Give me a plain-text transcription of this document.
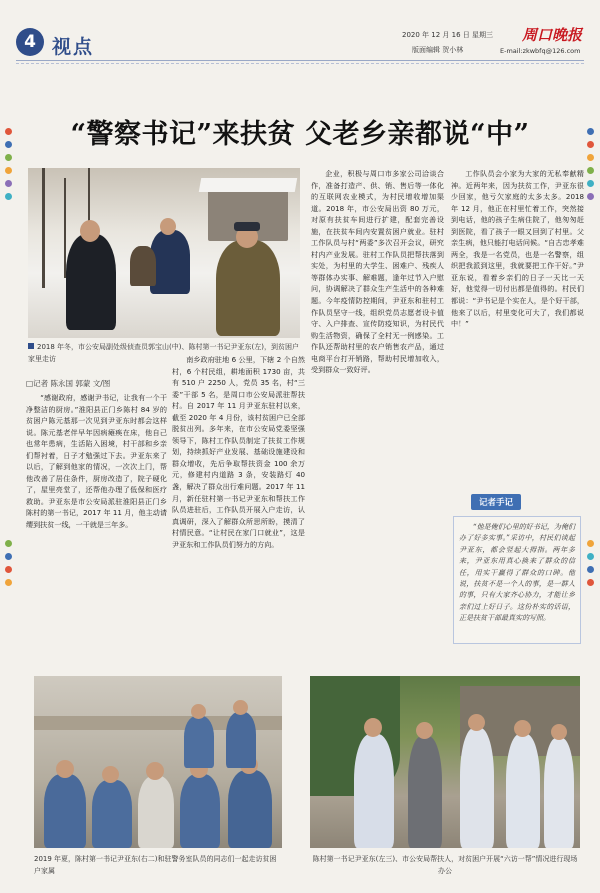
4 视点
2020 年 12 月 16 日 星期三
版面编辑 贺小林
周口晚报
E-mail:zkwbfq@126.com
“警察书记”来扶贫 父老乡亲都说“中”
2018 年冬，市公安局副处级侦查员郭宝山(中)、陈村第一书记尹亚东(左)，到贫困户家里走访
□记者 陈永国 郭蒙 文/图
“感谢政府，感谢尹书记，让我有一个干净整洁的厨房。”淮阳县正门乡陈村 84 岁的贫困户陈元基那一次见到尹亚东时都会这样说。陈元基老伴早年因病瘫痪在床，他自己也常年患病，生活陷入困境，村干部和乡亲们帮衬着，日子才勉强过下去。尹亚东来了以后，了解到他家的情况，一次次上门，帮他改善了居住条件，厨房改造了，院子硬化了，屋里亮堂了，还帮他办理了低保和医疗救助。尹亚东是市公安局派驻淮阳县正门乡陈村的第一书记，2017 年 11 月，他主动请缨到扶贫一线，一干就是三年多。
南乡政府驻地 6 公里，下辖 2 个自然村，6 个村民组，耕地面积 1730 亩，共有 510 户 2250 人，党员 35 名，村“三委”干部 5 名，是周口市公安局派驻帮扶村。自 2017 年 11 月尹亚东驻村以来，截至 2020 年 4 月份，该村贫困户已全部脱贫出列。多年来，在市公安局党委坚强领导下，陈村工作队员制定了扶贫工作规划，持续抓好产业发展、基础设施建设和群众增收，先后争取帮扶资金 100 余万元，修建村内道路 3 条，安装路灯 40 盏，解决了群众出行难问题。2017 年 11 月，新任驻村第一书记尹亚东和帮扶工作队员进驻后，工作队员开展入户走访，认真调研，深入了解群众所思所盼，摸清了村情民意。“让村民在家门口就业”，这是尹亚东和工作队员们努力的方向。
企业，积极与周口市多家公司洽谈合作，准备打造产、供、销、售后等一体化的互联网农业模式，为村民增收增加渠道。2018 年，市公安局出资 80 万元，对原有扶贫车间进行扩建，配套完善设施，在扶贫车间内安置贫困户就业。驻村工作队员与村“两委”多次召开会议，研究村内产业发展。驻村工作队员把帮扶落到实处，为村里的大学生、困难户、残疾人等群体办实事、解难题，逢年过节入户慰问，协调解决了群众生产生活中的各种难题。今年疫情防控期间，尹亚东和驻村工作队员坚守一线，组织党员志愿者设卡值守、入户排查、宣传防疫知识，为村民代购生活物资，确保了全村无一例感染。工作队还帮助村里的农户销售农产品，通过电商平台打开销路，帮助村民增加收入，受到群众一致好评。
工作队员会小家为大家的无私奉献精神。近两年来，因为扶贫工作，尹亚东很少回家，他亏欠家庭的太多太多。2018 年 12 月，他正在村里忙着工作，突然接到电话，他的孩子生病住院了，他匆匆赶到医院，看了孩子一眼又回到了村里。父亲生病，他只能打电话问候。“自古忠孝难两全，我是一名党员，也是一名警察，组织把我派到这里，我就要把工作干好。”尹亚东说，看着乡亲们的日子一天比一天好，他觉得一切付出都是值得的。村民们都说：“尹书记是个实在人，是个好干部，他来了以后，村里变化可大了，我们都说中！”
记者手记
“他是俺们心里的好书记，为俺们办了好多实事。”采访中，村民们谈起尹亚东，都会竖起大拇指。两年多来，尹亚东用真心换来了群众的信任，用实干赢得了群众的口碑。他说，扶贫不是一个人的事，是一群人的事，只有大家齐心协力，才能让乡亲们过上好日子。这份朴实的话语，正是扶贫干部最真实的写照。
2019 年夏，陈村第一书记尹亚东(右二)和驻警务室队员的同志们一起走访贫困户家属
陈村第一书记尹亚东(左三)、市公安局帮扶人，对贫困户开展“六访一帮”情况进行现场办公
